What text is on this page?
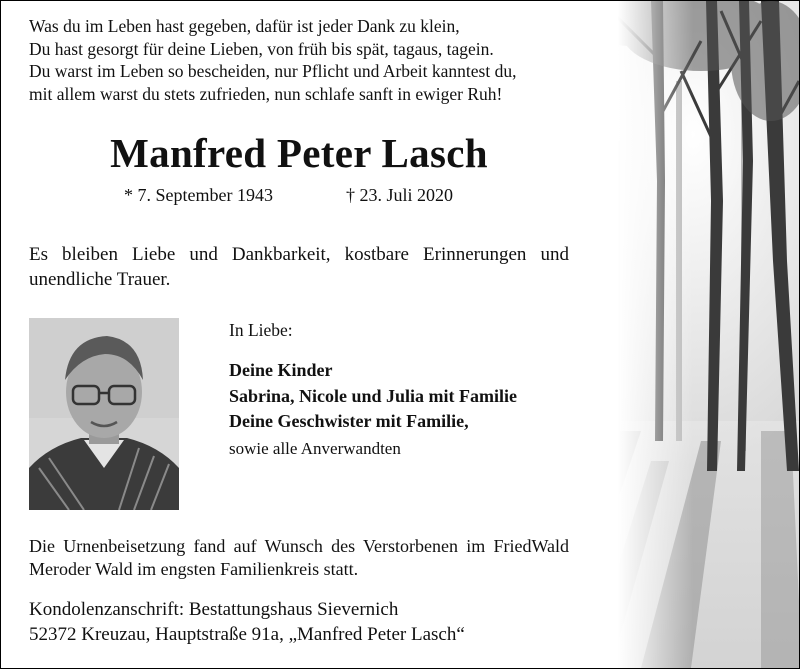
Was du im Leben hast gegeben, dafür ist jeder Dank zu klein,
Du hast gesorgt für deine Lieben, von früh bis spät, tagaus, tagein.
Du warst im Leben so bescheiden, nur Pflicht und Arbeit kanntest du,
mit allem warst du stets zufrieden, nun schlafe sanft in ewiger Ruh!
Manfred Peter Lasch
* 7. September 1943	† 23. Juli 2020
Es bleiben Liebe und Dankbarkeit, kostbare Erinnerungen und unendliche Trauer.
In Liebe:
Deine Kinder
Sabrina, Nicole und Julia mit Familie
Deine Geschwister mit Familie,
sowie alle Anverwandten
Die Urnenbeisetzung fand auf Wunsch des Verstorbenen im FriedWald Meroder Wald im engsten Familienkreis statt.
Kondolenzanschrift: Bestattungshaus Sievernich
52372 Kreuzau, Hauptstraße 91a, „Manfred Peter Lasch“
